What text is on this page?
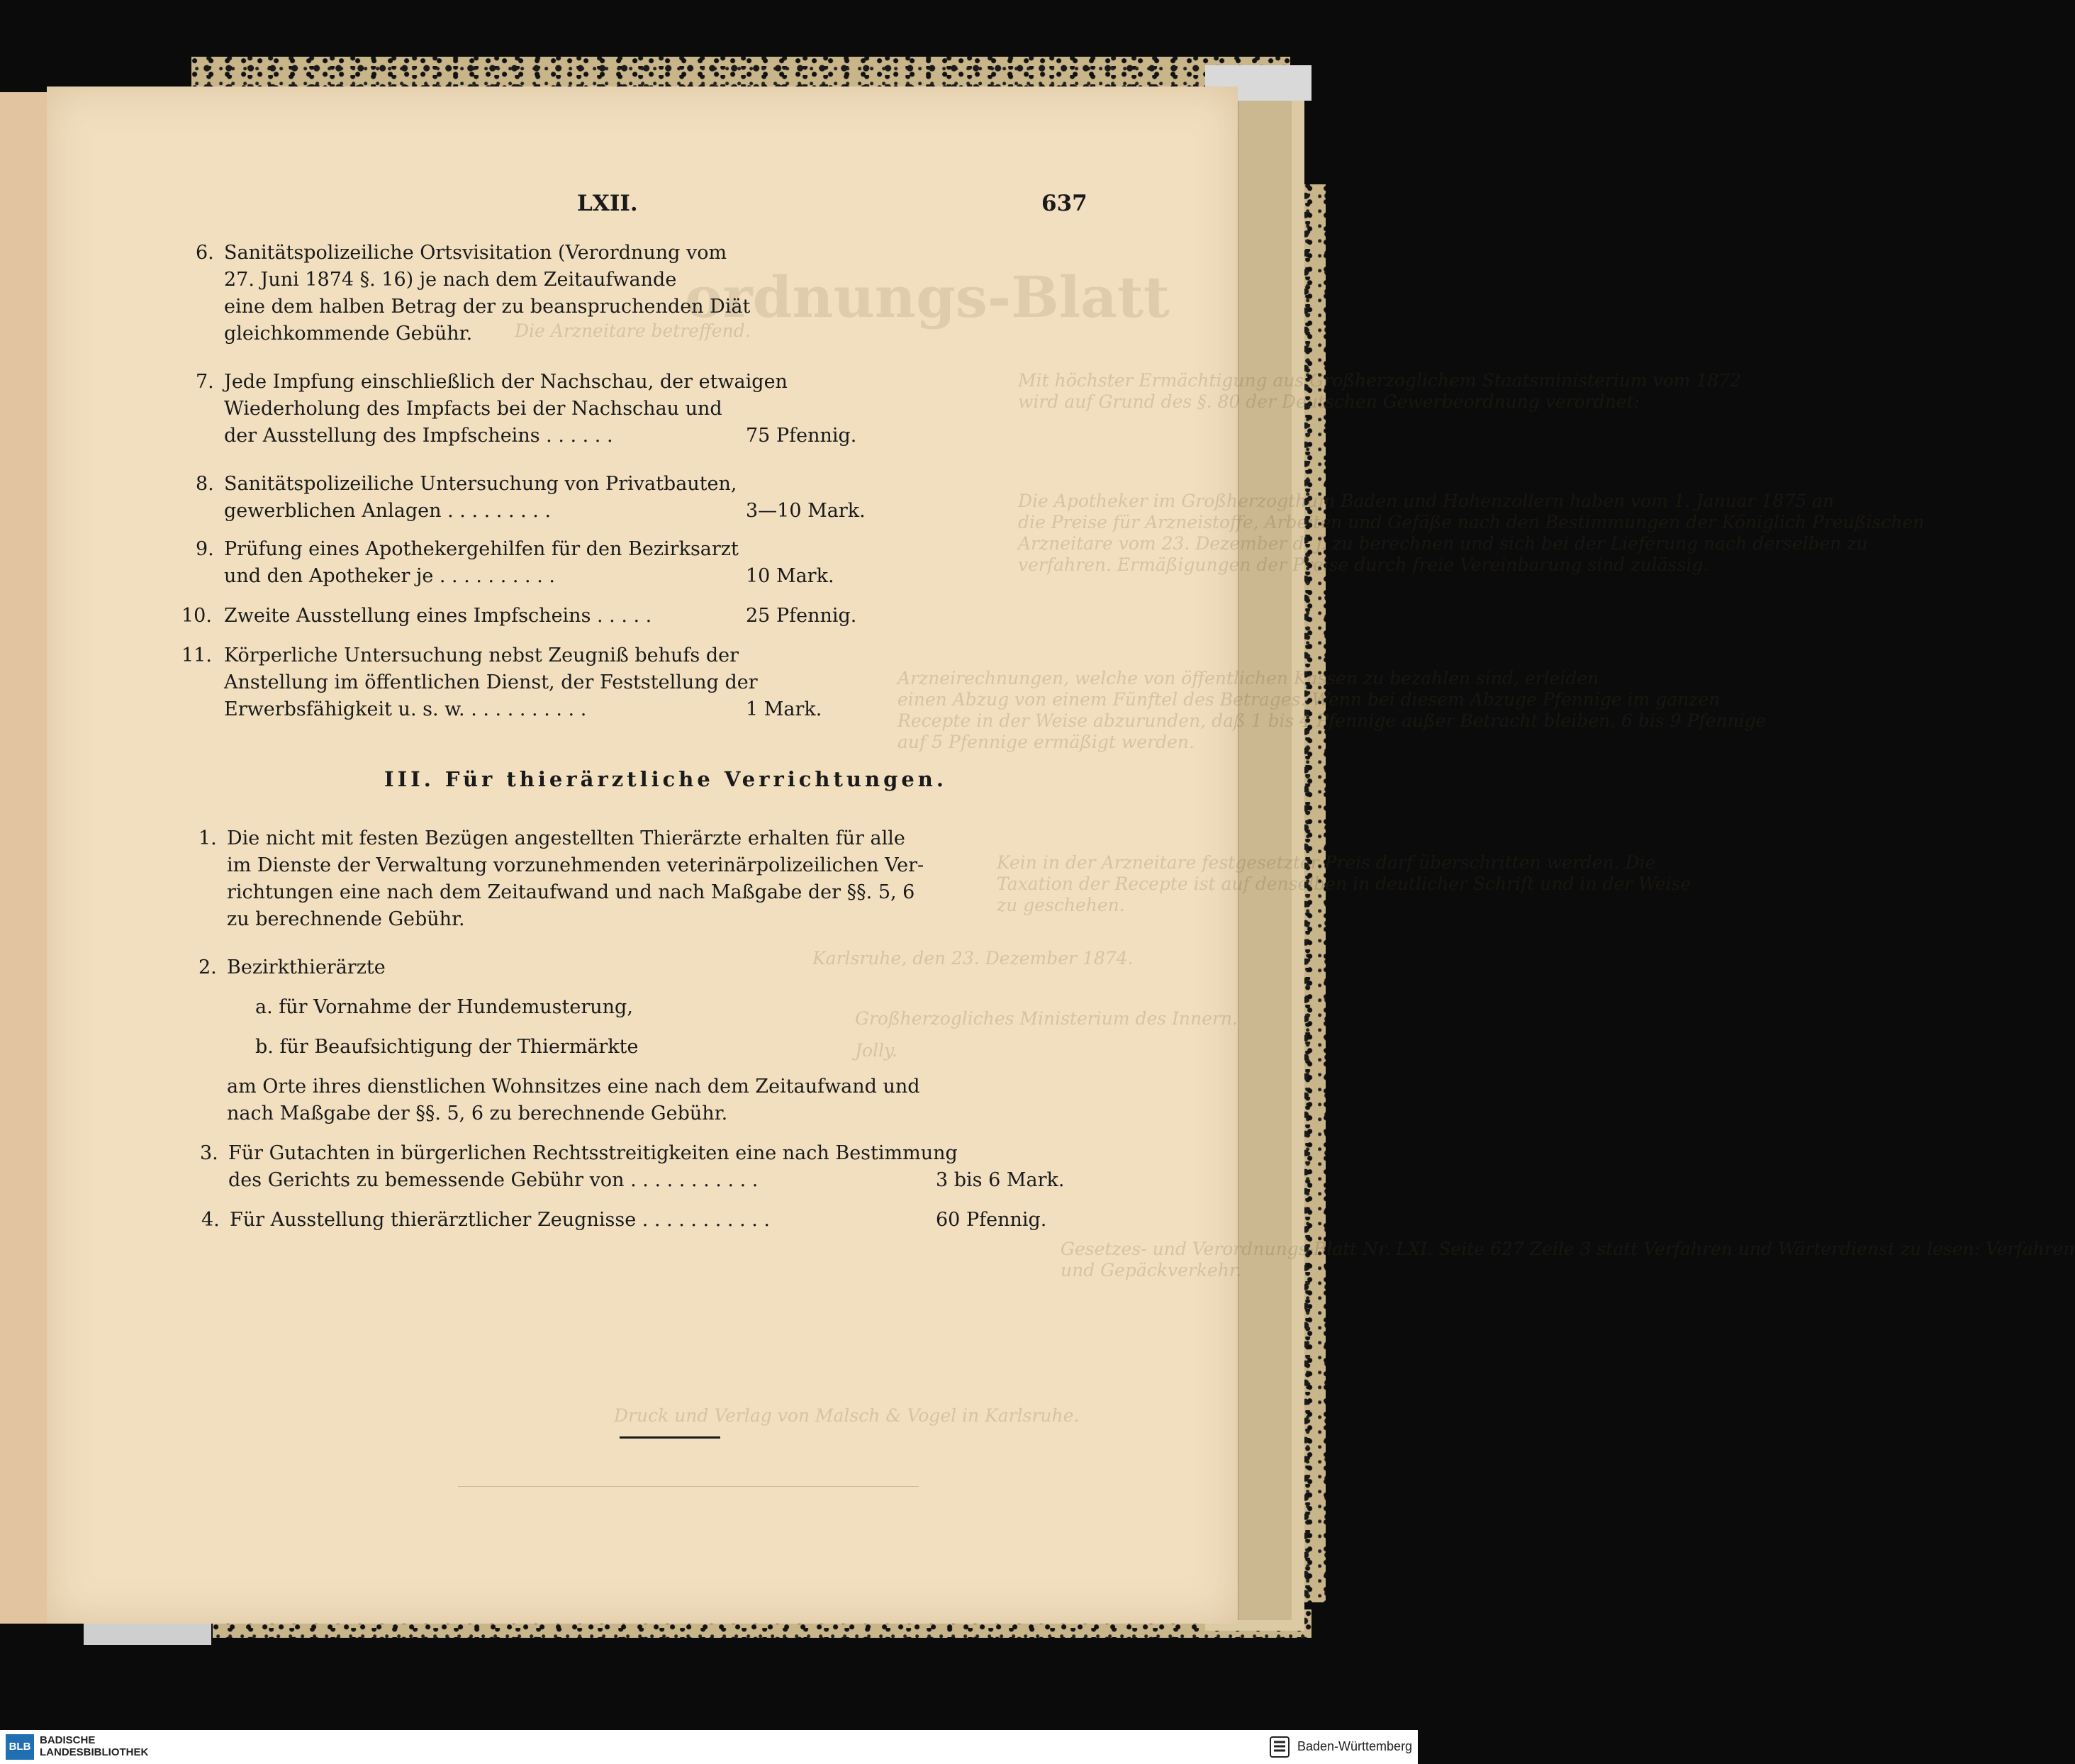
ordnungs-Blatt
Die Arzneitare betreffend.
Mit höchster Ermächtigung aus Großherzoglichem Staatsministerium vom 1872
wird auf Grund des §. 80 der Deutschen Gewerbeordnung verordnet:
Die Apotheker im Großherzogthum Baden und Hohenzollern haben vom 1. Januar 1875 an
die Preise für Arzneistoffe, Arbeiten und Gefäße nach den Bestimmungen der Königlich Preußischen
Arzneitare vom 23. Dezember d. J. zu berechnen und sich bei der Lieferung nach derselben zu
verfahren. Ermäßigungen der Preise durch freie Vereinbarung sind zulässig.
Arzneirechnungen, welche von öffentlichen Kassen zu bezahlen sind, erleiden
einen Abzug von einem Fünftel des Betrages. Wenn bei diesem Abzuge Pfennige im ganzen
Recepte in der Weise abzurunden, daß 1 bis 4 Pfennige außer Betracht bleiben, 6 bis 9 Pfennige
auf 5 Pfennige ermäßigt werden.
Kein in der Arzneitare festgesetzter Preis darf überschritten werden. Die
Taxation der Recepte ist auf denselben in deutlicher Schrift und in der Weise
zu geschehen.
Karlsruhe, den 23. Dezember 1874.
Großherzogliches Ministerium des Innern.
Jolly.
Gesetzes- und Verordnungs-Blatt Nr. LXI. Seite 627 Zeile 3 statt Verfahren und Wärterdienst zu lesen: Verfahren
und Gepäckverkehr.
Druck und Verlag von Malsch & Vogel in Karlsruhe.
LXII.	637
6. Sanitätspolizeiliche Ortsvisitation (Verordnung vom
27. Juni 1874 §. 16) je nach dem Zeitaufwande
eine dem halben Betrag der zu beanspruchenden Diät
gleichkommende Gebühr.
7. Jede Impfung einschließlich der Nachschau, der etwaigen
Wiederholung des Impfacts bei der Nachschau und
der Ausstellung des Impfscheins . . . . . .	75 Pfennig.
8. Sanitätspolizeiliche Untersuchung von Privatbauten,
gewerblichen Anlagen . . . . . . . . .	3—10 Mark.
9. Prüfung eines Apothekergehilfen für den Bezirksarzt
und den Apotheker je . . . . . . . . . .	10 Mark.
10. Zweite Ausstellung eines Impfscheins . . . . .	25 Pfennig.
11. Körperliche Untersuchung nebst Zeugniß behufs der
Anstellung im öffentlichen Dienst, der Feststellung der
Erwerbsfähigkeit u. s. w. . . . . . . . . . .	1 Mark.
III. Für thierärztliche Verrichtungen.
1. Die nicht mit festen Bezügen angestellten Thierärzte erhalten für alle
im Dienste der Verwaltung vorzunehmenden veterinärpolizeilichen Ver-
richtungen eine nach dem Zeitaufwand und nach Maßgabe der §§. 5, 6
zu berechnende Gebühr.
2. Bezirkthierärzte
a. für Vornahme der Hundemusterung,
b. für Beaufsichtigung der Thiermärkte
am Orte ihres dienstlichen Wohnsitzes eine nach dem Zeitaufwand und
nach Maßgabe der §§. 5, 6 zu berechnende Gebühr.
3. Für Gutachten in bürgerlichen Rechtsstreitigkeiten eine nach Bestimmung
des Gerichts zu bemessende Gebühr von . . . . . . . . . . .	3 bis 6 Mark.
4. Für Ausstellung thierärztlicher Zeugnisse . . . . . . . . . . .	60 Pfennig.
BLB
BADISCHE
LANDESBIBLIOTHEK	Baden-Württemberg
